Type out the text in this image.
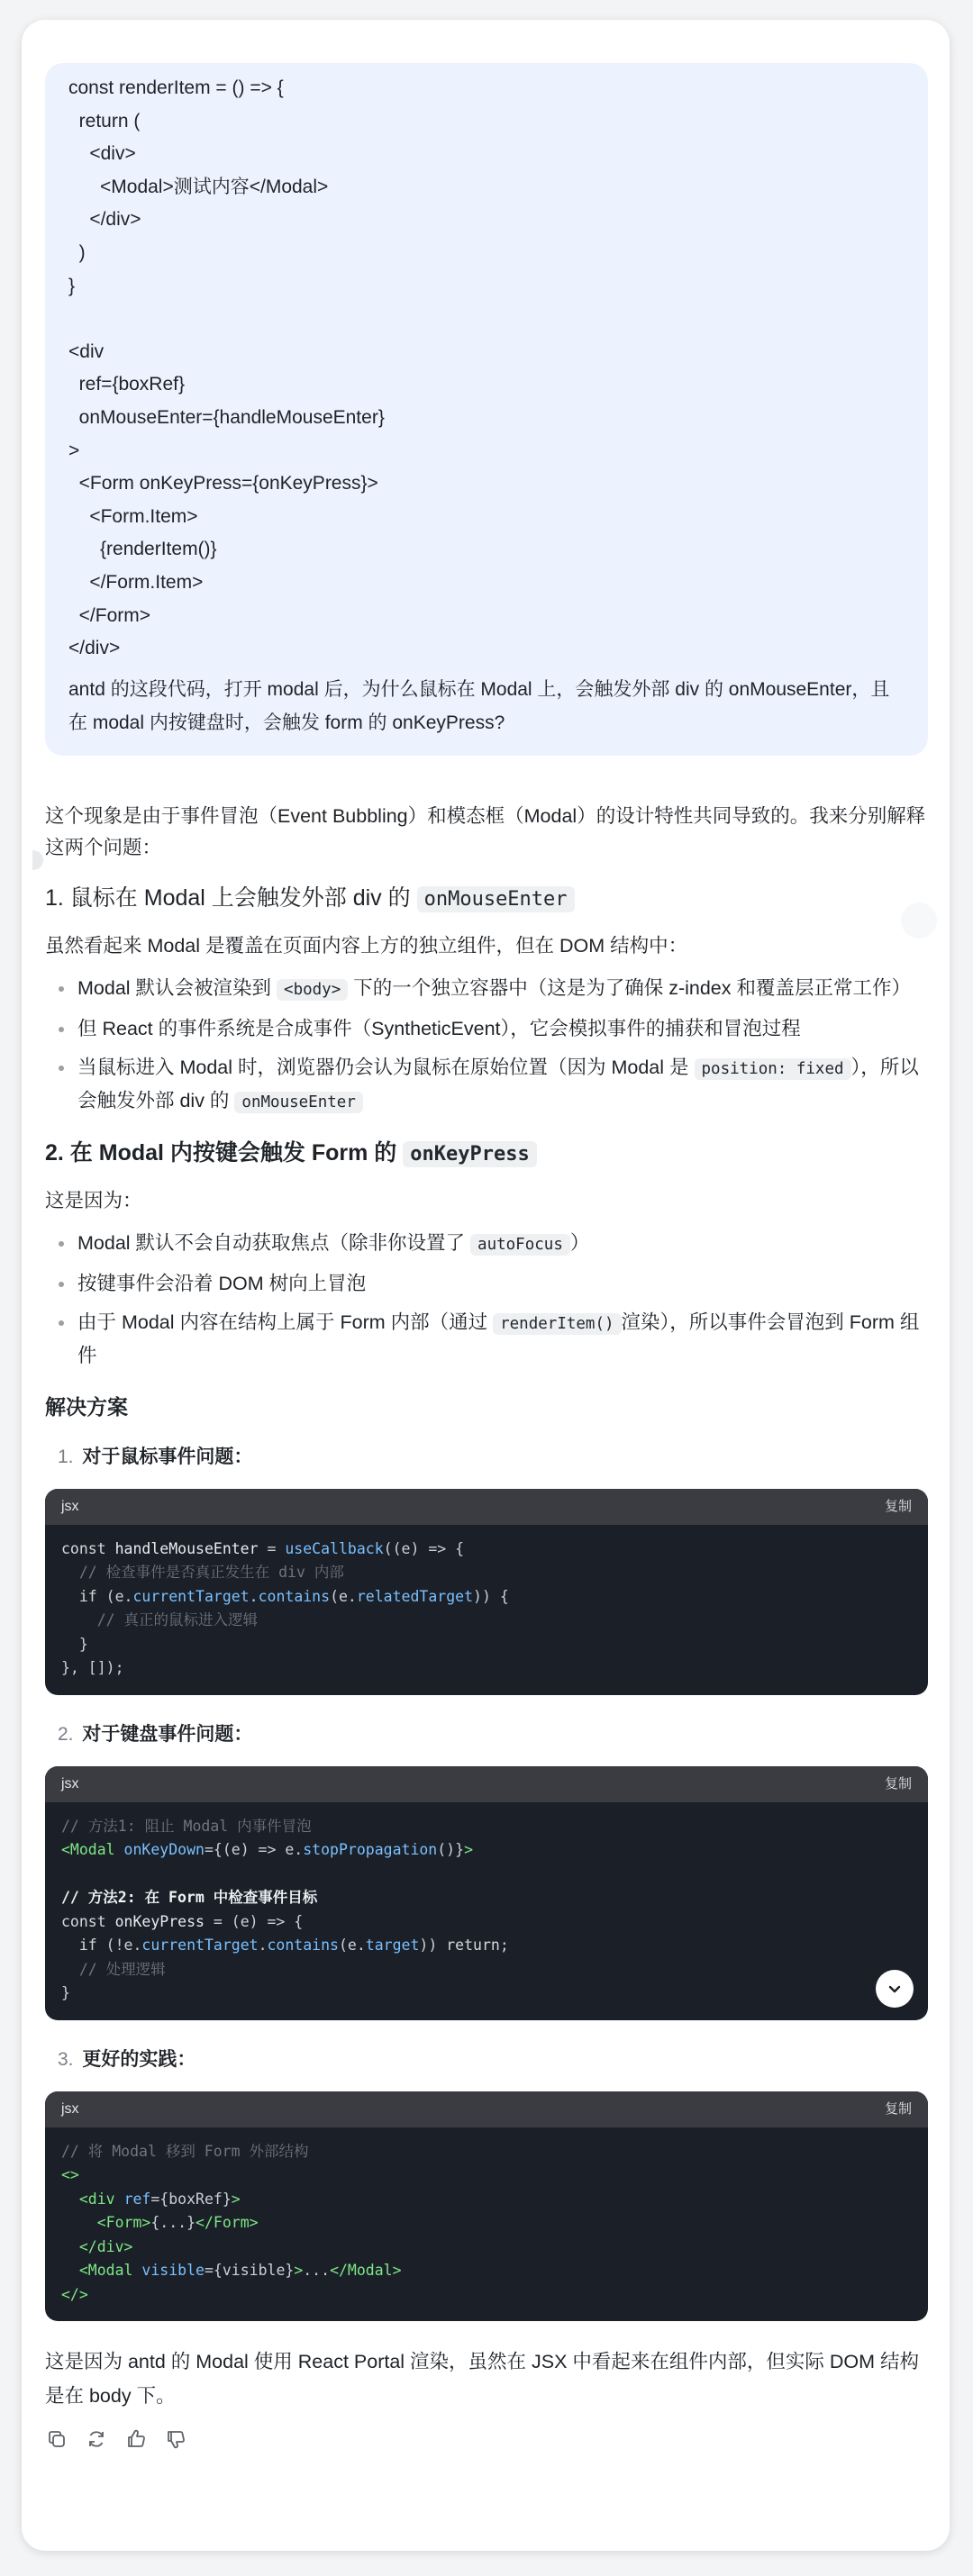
const renderItem = () => {
return (
<div>
<Modal>测试内容</Modal>
</div>
)
}
<div
ref={boxRef}
onMouseEnter={handleMouseEnter}
>
<Form onKeyPress={onKeyPress}>
<Form.Item>
{renderItem()}
</Form.Item>
</Form>
</div>
antd 的这段代码，打开 modal 后，为什么鼠标在 Modal 上，会触发外部 div 的 onMouseEnter，且在 modal 内按键盘时，会触发 form 的 onKeyPress?

这个现象是由于事件冒泡（Event Bubbling）和模态框（Modal）的设计特性共同导致的。我来分别解释这两个问题：

1. 鼠标在 Modal 上会触发外部 div 的 onMouseEnter

虽然看起来 Modal 是覆盖在页面内容上方的独立组件，但在 DOM 结构中：

• Modal 默认会被渲染到 <body> 下的一个独立容器中（这是为了确保 z-index 和覆盖层正常工作）
• 但 React 的事件系统是合成事件（SyntheticEvent），它会模拟事件的捕获和冒泡过程
• 当鼠标进入 Modal 时，浏览器仍会认为鼠标在原始位置（因为 Modal 是 position: fixed ），所以会触发外部 div 的 onMouseEnter
2. 在 Modal 内按键会触发 Form 的 onKeyPress

这是因为：

• Modal 默认不会自动获取焦点（除非你设置了 autoFocus ）
• 按键事件会沿着 DOM 树向上冒泡
• 由于 Modal 内容在结构上属于 Form 内部（通过 renderItem() 渲染），所以事件会冒泡到 Form 组件
解决方案
1. 对于鼠标事件问题：
jsx	复制
const handleMouseEnter = useCallback((e) => {
// 检查事件是否真正发生在 div 内部
if (e.currentTarget.contains(e.relatedTarget)) {
// 真正的鼠标进入逻辑
}
}, []);
2. 对于键盘事件问题：
jsx	复制
// 方法1: 阻止 Modal 内事件冒泡
<Modal onKeyDown={(e) => e.stopPropagation()}>

// 方法2: 在 Form 中检查事件目标
const onKeyPress = (e) => {
if (!e.currentTarget.contains(e.target)) return;
// 处理逻辑
}
3. 更好的实践：
jsx	复制
// 将 Modal 移到 Form 外部结构
<>
<div ref={boxRef}>
<Form>{...}</Form>
</div>
<Modal visible={visible}>...</Modal>
</>
这是因为 antd 的 Modal 使用 React Portal 渲染，虽然在 JSX 中看起来在组件内部，但实际 DOM 结构是在 body 下。
